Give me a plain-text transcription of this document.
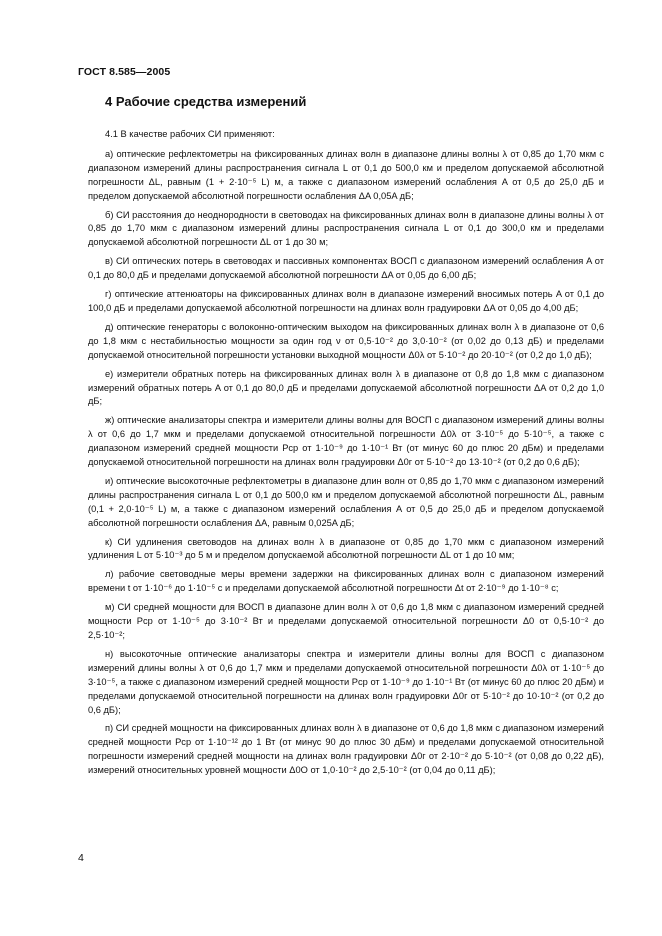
ГОСТ 8.585—2005
4 Рабочие средства измерений
4.1 В качестве рабочих СИ применяют:
а) оптические рефлектометры на фиксированных длинах волн в диапазоне длины волны λ от 0,85 до 1,70 мкм с диапазоном измерений длины распространения сигнала L от 0,1 до 500,0 км и пределом допускаемой абсолютной погрешности ΔL, равным (1 + 2·10⁻⁵ L) м, а также с диапазоном измерений ослабления A от 0,5 до 25,0 дБ и пределом допускаемой абсолютной погрешности ослабления ΔA 0,05A дБ;
б) СИ расстояния до неоднородности в световодах на фиксированных длинах волн в диапазоне длины волны λ от 0,85 до 1,70 мкм с диапазоном измерений длины распространения сигнала L от 0,1 до 300,0 км и пределами допускаемой абсолютной погрешности ΔL от 1 до 30 м;
в) СИ оптических потерь в световодах и пассивных компонентах ВОСП с диапазоном измерений ослабления A от 0,1 до 80,0 дБ и пределами допускаемой абсолютной погрешности ΔA от 0,05 до 6,00 дБ;
г) оптические аттенюаторы на фиксированных длинах волн в диапазоне измерений вносимых потерь A от 0,1 до 100,0 дБ и пределами допускаемой абсолютной погрешности на длинах волн градуировки ΔA от 0,05 до 4,00 дБ;
д) оптические генераторы с волоконно-оптическим выходом на фиксированных длинах волн λ в диапазоне от 0,6 до 1,8 мкм с нестабильностью мощности за один год ν от 0,5·10⁻² до 3,0·10⁻² (от 0,02 до 0,13 дБ) и пределами допускаемой относительной погрешности установки выходной мощности Δ0λ от 5·10⁻² до 20·10⁻² (от 0,2 до 1,0 дБ);
е) измерители обратных потерь на фиксированных длинах волн λ в диапазоне от 0,8 до 1,8 мкм с диапазоном измерений обратных потерь A от 0,1 до 80,0 дБ и пределами допускаемой абсолютной погрешности ΔA от 0,2 до 1,0 дБ;
ж) оптические анализаторы спектра и измерители длины волны для ВОСП с диапазоном измерений длины волны λ от 0,6 до 1,7 мкм и пределами допускаемой относительной погрешности Δ0λ от 3·10⁻⁵ до 5·10⁻⁵, а также с диапазоном измерений средней мощности Pср от 1·10⁻⁹ до 1·10⁻¹ Вт (от минус 60 до плюс 20 дБм) и пределами допускаемой относительной погрешности на длинах волн градуировки Δ0г от 5·10⁻² до 13·10⁻² (от 0,2 до 0,6 дБ);
и) оптические высокоточные рефлектометры в диапазоне длин волн от 0,85 до 1,70 мкм с диапазоном измерений длины распространения сигнала L от 0,1 до 500,0 км и пределом допускаемой абсолютной погрешности ΔL, равным (0,1 + 2,0·10⁻⁵ L) м, а также с диапазоном измерений ослабления A от 0,5 до 25,0 дБ и пределом допускаемой абсолютной погрешности ослабления ΔA, равным 0,025A дБ;
к) СИ удлинения световодов на длинах волн λ в диапазоне от 0,85 до 1,70 мкм с диапазоном измерений удлинения L от 5·10⁻³ до 5 м и пределом допускаемой абсолютной погрешности ΔL от 1 до 10 мм;
л) рабочие световодные меры времени задержки на фиксированных длинах волн с диапазоном измерений времени t от 1·10⁻⁶ до 1·10⁻⁵ с и пределами допускаемой абсолютной погрешности Δt от 2·10⁻⁹ до 1·10⁻⁸ с;
м) СИ средней мощности для ВОСП в диапазоне длин волн λ от 0,6 до 1,8 мкм с диапазоном измерений средней мощности Pср от 1·10⁻⁵ до 3·10⁻² Вт и пределами допускаемой относительной погрешности Δ0 от 0,5·10⁻² до 2,5·10⁻²;
н) высокоточные оптические анализаторы спектра и измерители длины волны для ВОСП с диапазоном измерений длины волны λ от 0,6 до 1,7 мкм и пределами допускаемой относительной погрешности Δ0λ от 1·10⁻⁵ до 3·10⁻⁵, а также с диапазоном измерений средней мощности Pср от 1·10⁻⁹ до 1·10⁻¹ Вт (от минус 60 до плюс 20 дБм) и пределами допускаемой относительной погрешности на длинах волн градуировки Δ0г от 5·10⁻² до 10·10⁻² (от 0,2 до 0,6 дБ);
п) СИ средней мощности на фиксированных длинах волн λ в диапазоне от 0,6 до 1,8 мкм с диапазоном измерений средней мощности Pср от 1·10⁻¹² до 1 Вт (от минус 90 до плюс 30 дБм) и пределами допускаемой относительной погрешности измерений средней мощности на длинах волн градуировки Δ0г от 2·10⁻² до 5·10⁻² (от 0,08 до 0,22 дБ), измерений относительных уровней мощности Δ0О от 1,0·10⁻² до 2,5·10⁻² (от 0,04 до 0,11 дБ);
4
